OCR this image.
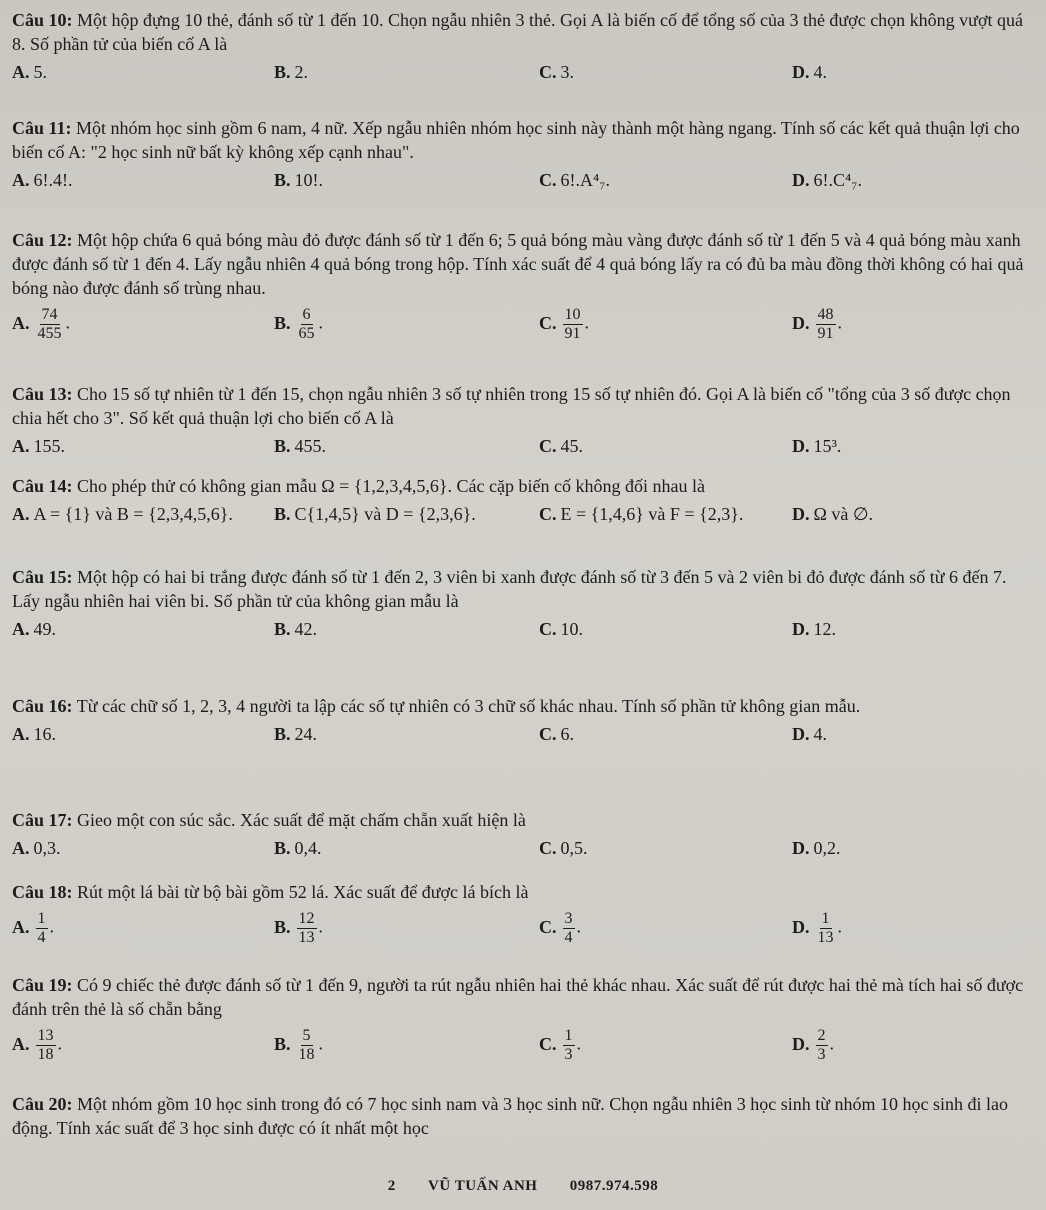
Câu 10: Một hộp đựng 10 thẻ, đánh số từ 1 đến 10. Chọn ngẫu nhiên 3 thẻ. Gọi A là biến cố để tổng số của 3 thẻ được chọn không vượt quá 8. Số phần tử của biến cố A là

A. 5.	B. 2.	C. 3.	D. 4.

Câu 11: Một nhóm học sinh gồm 6 nam, 4 nữ. Xếp ngẫu nhiên nhóm học sinh này thành một hàng ngang. Tính số các kết quả thuận lợi cho biến cố A: "2 học sinh nữ bất kỳ không xếp cạnh nhau".

A. 6!.4!.	B. 10!.	C. 6!.A⁴₇.	D. 6!.C⁴₇.

Câu 12: Một hộp chứa 6 quả bóng màu đỏ được đánh số từ 1 đến 6; 5 quả bóng màu vàng được đánh số từ 1 đến 5 và 4 quả bóng màu xanh được đánh số từ 1 đến 4. Lấy ngẫu nhiên 4 quả bóng trong hộp. Tính xác suất để 4 quả bóng lấy ra có đủ ba màu đồng thời không có hai quả bóng nào được đánh số trùng nhau.

A. $\frac{74}{455}$ .	B. $\frac{6}{65}$ .	C. $\frac{10}{91}$ .	D. $\frac{48}{91}$ .

Câu 13: Cho 15 số tự nhiên từ 1 đến 15, chọn ngẫu nhiên 3 số tự nhiên trong 15 số tự nhiên đó. Gọi A là biến cố "tổng của 3 số được chọn chia hết cho 3". Số kết quả thuận lợi cho biến cố A là

A. 155.	B. 455.	C. 45.	D. 15³.

Câu 14: Cho phép thử có không gian mẫu Ω = {1,2,3,4,5,6}. Các cặp biến cố không đối nhau là

A. A = {1} và B = {2,3,4,5,6}. B. C{1,4,5} và D = {2,3,6}.	C. E = {1,4,6} và F = {2,3}.	D. Ω và ∅.

Câu 15: Một hộp có hai bi trắng được đánh số từ 1 đến 2, 3 viên bi xanh được đánh số từ 3 đến 5 và 2 viên bi đỏ được đánh số từ 6 đến 7. Lấy ngẫu nhiên hai viên bi. Số phần tử của không gian mẫu là

A. 49.	B. 42.	C. 10.	D. 12.

Câu 16: Từ các chữ số 1, 2, 3, 4 người ta lập các số tự nhiên có 3 chữ số khác nhau. Tính số phần tử không gian mẫu.

A. 16.	B. 24.	C. 6.	D. 4.

Câu 17: Gieo một con súc sắc. Xác suất để mặt chấm chẵn xuất hiện là

A. 0,3.	B. 0,4.	C. 0,5.	D. 0,2.

Câu 18: Rút một lá bài từ bộ bài gồm 52 lá. Xác suất để được lá bích là

A. $\frac{1}{4}$ .	B. $\frac{12}{13}$ .	C. $\frac{3}{4}$ .	D. $\frac{1}{13}$ .

Câu 19: Có 9 chiếc thẻ được đánh số từ 1 đến 9, người ta rút ngẫu nhiên hai thẻ khác nhau. Xác suất để rút được hai thẻ mà tích hai số được đánh trên thẻ là số chẵn bằng

A. $\frac{13}{18}$ .	B. $\frac{5}{18}$ .	C. $\frac{1}{3}$ .	D. $\frac{2}{3}$ .

Câu 20: Một nhóm gồm 10 học sinh trong đó có 7 học sinh nam và 3 học sinh nữ. Chọn ngẫu nhiên 3 học sinh từ nhóm 10 học sinh đi lao động. Tính xác suất để 3 học sinh được có ít nhất một học

2 VŨ TUẤN ANH 0987.974.598
